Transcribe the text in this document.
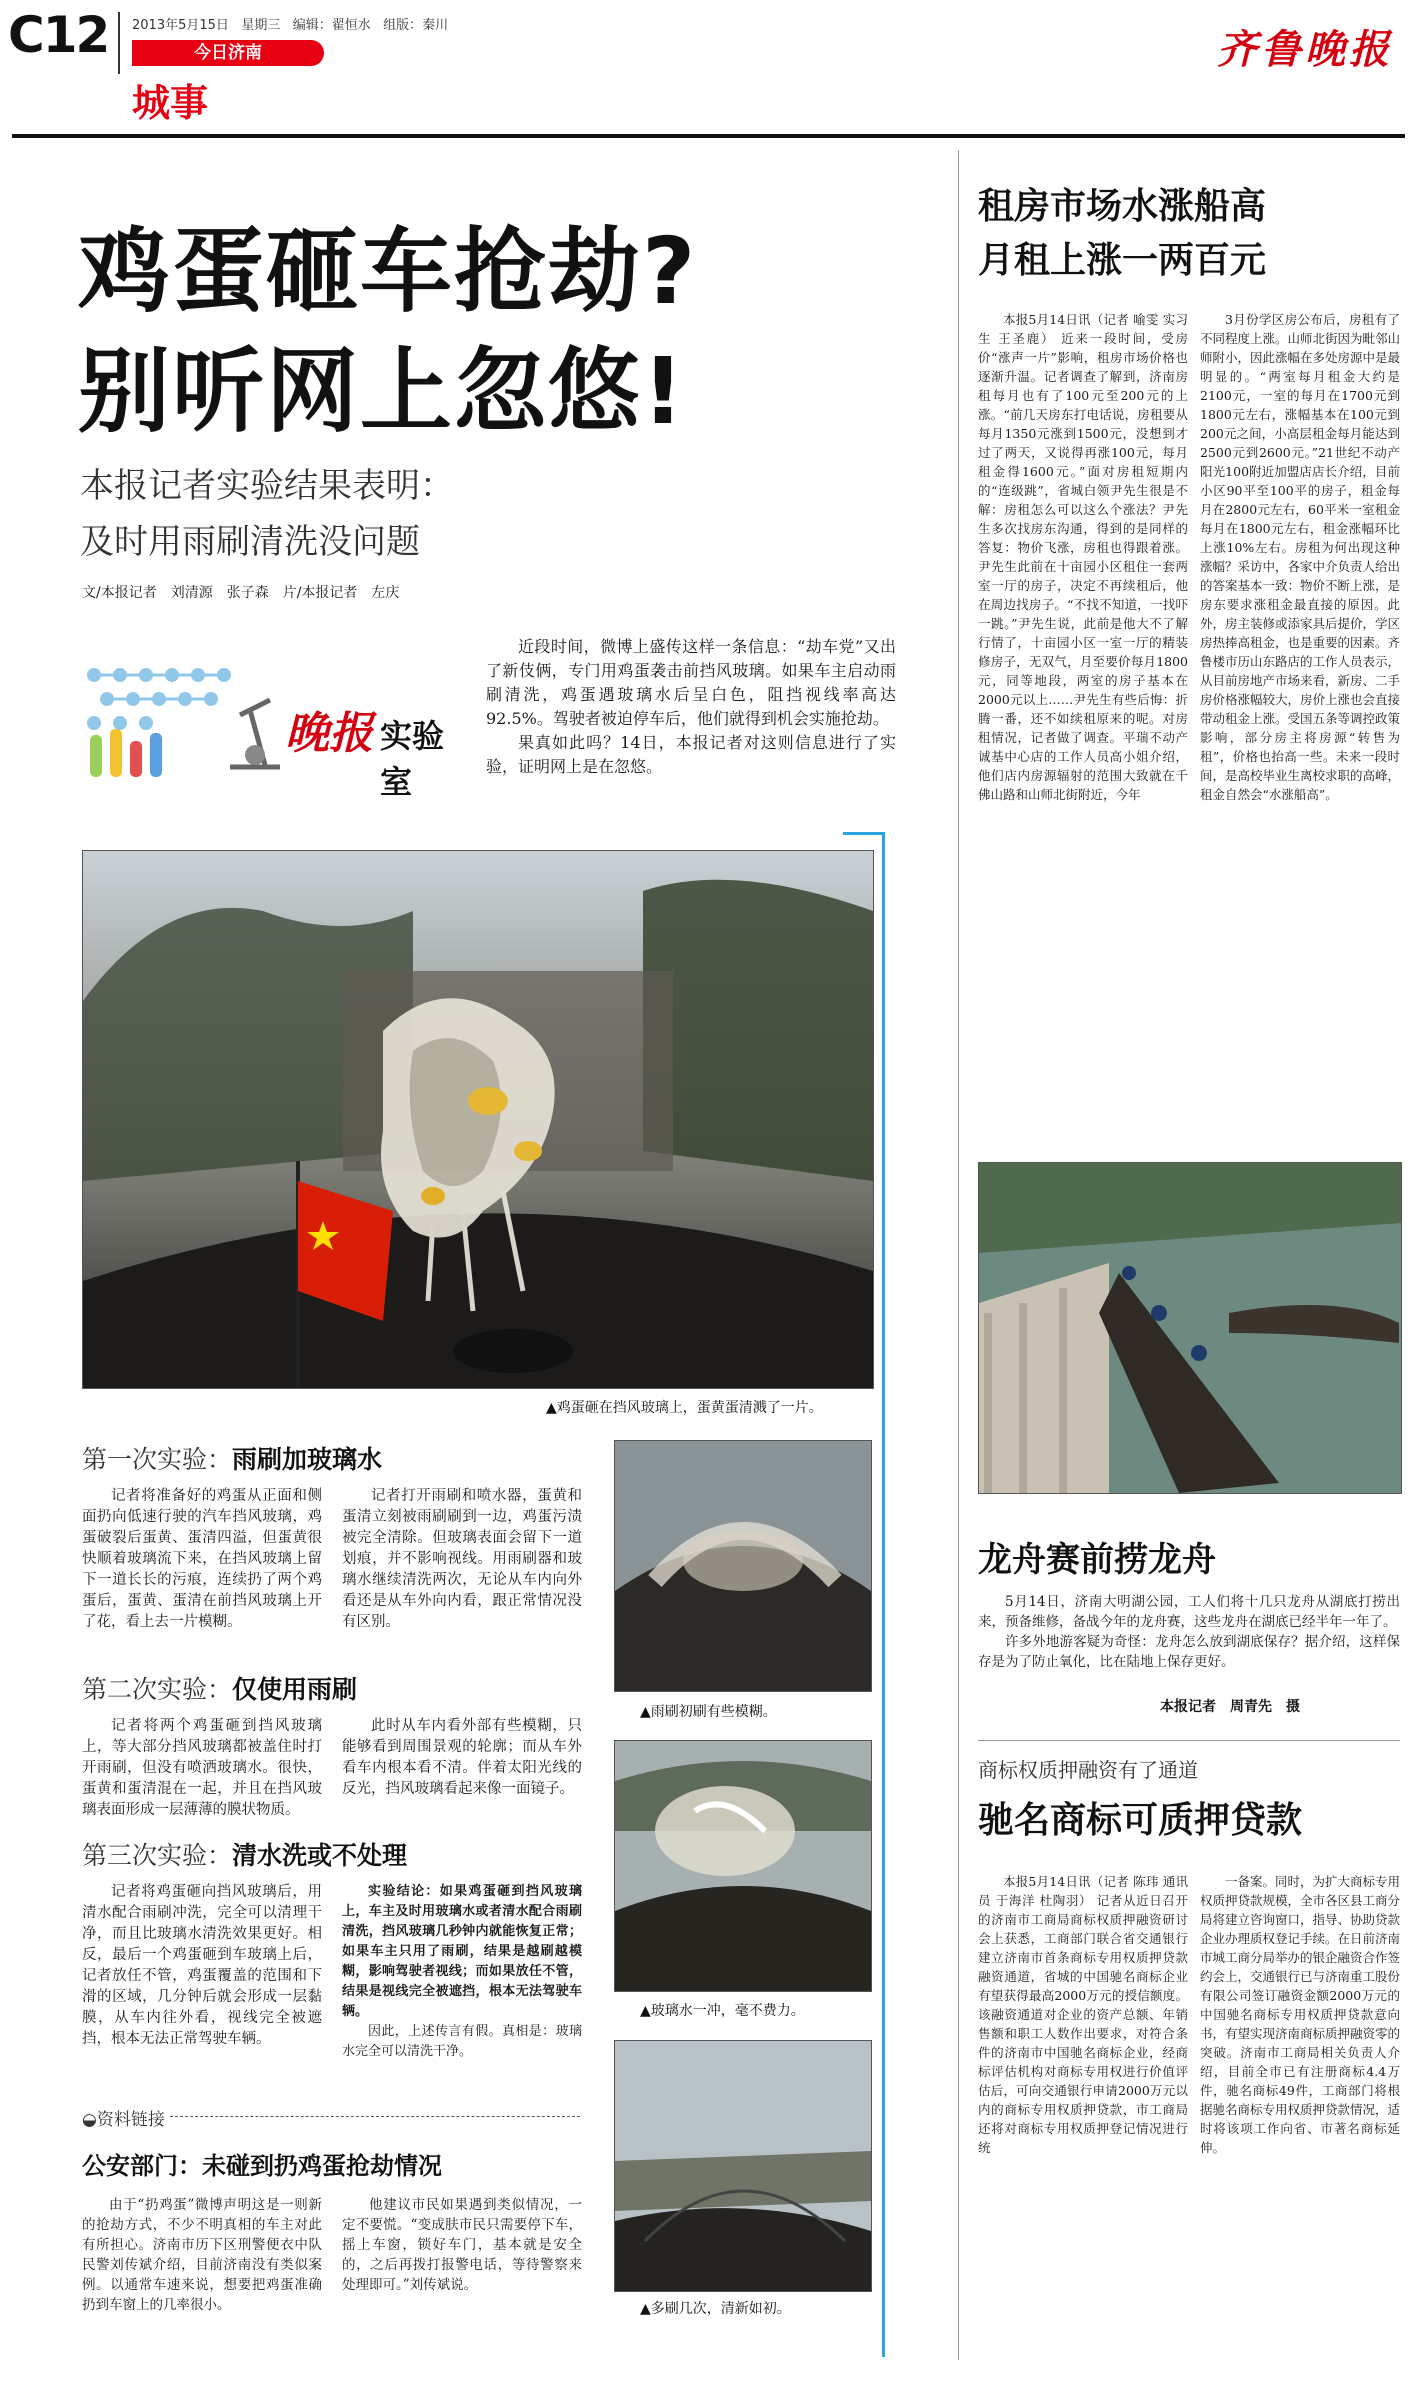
C12 2013年5月15日 星期三 编辑：翟恒水 组版：秦川
今日济南
城事
齐鲁晚报
鸡蛋砸车抢劫?
别听网上忽悠!
本报记者实验结果表明：
及时用雨刷清洗没问题
文/本报记者　刘清源　张子森　片/本报记者　左庆
晚报 实验室

近段时间，微博上盛传这样一条信息：“劫车党”又出了新伎俩，专门用鸡蛋袭击前挡风玻璃。如果车主启动雨刷清洗，鸡蛋遇玻璃水后呈白色，阻挡视线率高达92.5%。驾驶者被迫停车后，他们就得到机会实施抢劫。

果真如此吗？14日，本报记者对这则信息进行了实验，证明网上是在忽悠。

▲鸡蛋砸在挡风玻璃上，蛋黄蛋清溅了一片。
第一次实验：雨刷加玻璃水

记者将准备好的鸡蛋从正面和侧面扔向低速行驶的汽车挡风玻璃，鸡蛋破裂后蛋黄、蛋清四溢，但蛋黄很快顺着玻璃流下来，在挡风玻璃上留下一道长长的污痕，连续扔了两个鸡蛋后，蛋黄、蛋清在前挡风玻璃上开了花，看上去一片模糊。

记者打开雨刷和喷水器，蛋黄和蛋清立刻被雨刷刷到一边，鸡蛋污渍被完全清除。但玻璃表面会留下一道划痕，并不影响视线。用雨刷器和玻璃水继续清洗两次，无论从车内向外看还是从车外向内看，跟正常情况没有区别。

第二次实验：仅使用雨刷

记者将两个鸡蛋砸到挡风玻璃上，等大部分挡风玻璃都被盖住时打开雨刷，但没有喷洒玻璃水。很快，蛋黄和蛋清混在一起，并且在挡风玻璃表面形成一层薄薄的膜状物质。

此时从车内看外部有些模糊，只能够看到周围景观的轮廓；而从车外看车内根本看不清。伴着太阳光线的反光，挡风玻璃看起来像一面镜子。

第三次实验：清水洗或不处理

记者将鸡蛋砸向挡风玻璃后，用清水配合雨刷冲洗，完全可以清理干净，而且比玻璃水清洗效果更好。相反，最后一个鸡蛋砸到车玻璃上后，记者放任不管，鸡蛋覆盖的范围和下滑的区域，几分钟后就会形成一层黏膜，从车内往外看，视线完全被遮挡，根本无法正常驾驶车辆。

实验结论：如果鸡蛋砸到挡风玻璃上，车主及时用玻璃水或者清水配合雨刷清洗，挡风玻璃几秒钟内就能恢复正常；如果车主只用了雨刷，结果是越刷越模糊，影响驾驶者视线；而如果放任不管，结果是视线完全被遮挡，根本无法驾驶车辆。

因此，上述传言有假。真相是：玻璃水完全可以清洗干净。

▲雨刷初刷有些模糊。
▲玻璃水一冲，毫不费力。
▲多刷几次，清新如初。
◒资料链接
公安部门：未碰到扔鸡蛋抢劫情况

由于“扔鸡蛋”微博声明这是一则新的抢劫方式，不少不明真相的车主对此有所担心。济南市历下区刑警便衣中队民警刘传斌介绍，目前济南没有类似案例。以通常车速来说，想要把鸡蛋准确扔到车窗上的几率很小。

他建议市民如果遇到类似情况，一定不要慌。“变成肤市民只需要停下车，摇上车窗，锁好车门，基本就是安全的，之后再拨打报警电话，等待警察来处理即可。”刘传斌说。

租房市场水涨船高
月租上涨一两百元

本报5月14日讯（记者 喻雯 实习生 王圣鹿） 近来一段时间，受房价“涨声一片”影响，租房市场价格也逐渐升温。记者调查了解到，济南房租每月也有了100元至200元的上涨。“前几天房东打电话说，房租要从每月1350元涨到1500元，没想到才过了两天，又说得再涨100元，每月租金得1600元。”面对房租短期内的“连级跳”，省城白领尹先生很是不解：房租怎么可以这么个涨法？尹先生多次找房东沟通，得到的是同样的答复：物价飞涨，房租也得跟着涨。尹先生此前在十亩园小区租住一套两室一厅的房子，决定不再续租后，他在周边找房子。“不找不知道，一找吓一跳。”尹先生说，此前是他大不了解行情了，十亩园小区一室一厅的精装修房子，无双气，月至要价每月1800元，同等地段，两室的房子基本在2000元以上……尹先生有些后悔：折腾一番，还不如续租原来的呢。对房租情况，记者做了调查。平瑞不动产诚基中心店的工作人员高小姐介绍，他们店内房源辐射的范围大致就在千佛山路和山师北街附近，今年

3月份学区房公布后，房租有了不同程度上涨。山师北街因为毗邻山师附小，因此涨幅在多处房源中是最明显的。“两室每月租金大约是2100元，一室的每月在1700元到1800元左右，涨幅基本在100元到200元之间，小高层租金每月能达到2500元到2600元。”21世纪不动产阳光100附近加盟店店长介绍，目前小区90平至100平的房子，租金每月在2800元左右，60平米一室租金每月在1800元左右，租金涨幅环比上涨10%左右。房租为何出现这种涨幅？采访中，各家中介负责人给出的答案基本一致：物价不断上涨，是房东要求涨租金最直接的原因。此外，房主装修或添家具后提价，学区房热捧高租金，也是重要的因素。齐鲁楼市历山东路店的工作人员表示，从目前房地产市场来看，新房、二手房价格涨幅较大，房价上涨也会直接带动租金上涨。受国五条等调控政策影响，部分房主将房源“转售为租”，价格也抬高一些。未来一段时间，是高校毕业生离校求职的高峰，租金自然会“水涨船高”。

龙舟赛前捞龙舟

5月14日，济南大明湖公园，工人们将十几只龙舟从湖底打捞出来，预备维修，备战今年的龙舟赛，这些龙舟在湖底已经半年一年了。

许多外地游客疑为奇怪：龙舟怎么放到湖底保存？据介绍，这样保存是为了防止氧化，比在陆地上保存更好。

本报记者　周青先　摄
商标权质押融资有了通道
驰名商标可质押贷款

本报5月14日讯（记者 陈玮 通讯员 于海洋 杜陶羽） 记者从近日召开的济南市工商局商标权质押融资研讨会上获悉，工商部门联合省交通银行建立济南市首条商标专用权质押贷款融资通道，省城的中国驰名商标企业有望获得最高2000万元的授信额度。该融资通道对企业的资产总额、年销售额和职工人数作出要求，对符合条件的济南市中国驰名商标企业，经商标评估机构对商标专用权进行价值评估后，可向交通银行申请2000万元以内的商标专用权质押贷款，市工商局还将对商标专用权质押登记情况进行统

一备案。同时，为扩大商标专用权质押贷款规模，全市各区县工商分局将建立咨询窗口，指导、协助贷款企业办理质权登记手续。在日前济南市城工商分局举办的银企融资合作签约会上，交通银行已与济南重工股份有限公司签订融资金额2000万元的中国驰名商标专用权质押贷款意向书，有望实现济南商标质押融资零的突破。济南市工商局相关负责人介绍，目前全市已有注册商标4.4万件，驰名商标49件，工商部门将根据驰名商标专用权质押贷款情况，适时将该项工作向省、市著名商标延伸。
